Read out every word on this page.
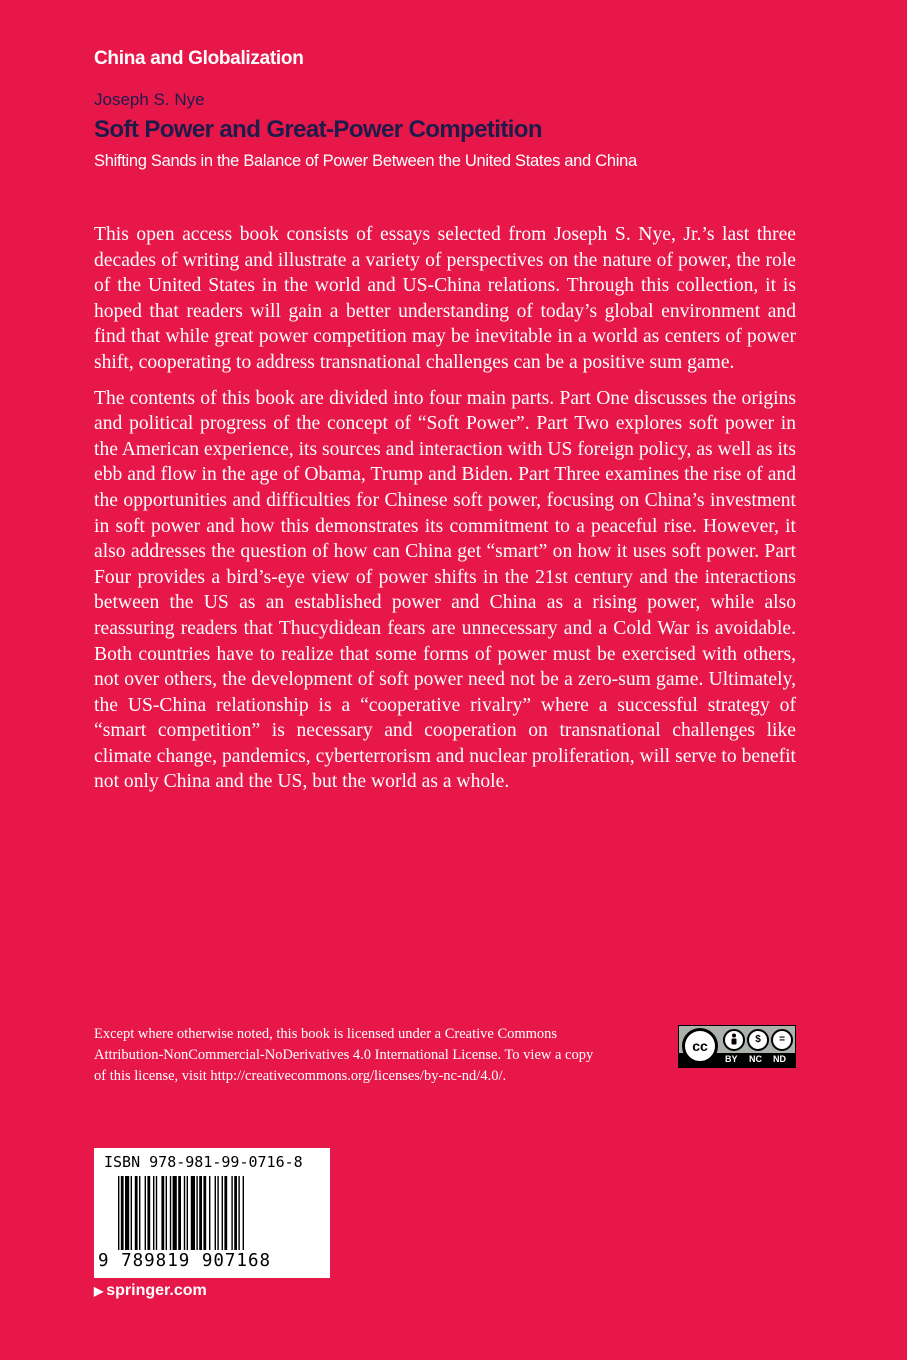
China and Globalization
Joseph S. Nye
Soft Power and Great-Power Competition
Shifting Sands in the Balance of Power Between the United States and China

This open access book consists of essays selected from Joseph S. Nye, Jr.’s last three decades of writing and illustrate a variety of perspectives on the nature of power, the role of the United States in the world and US-China relations. Through this collection, it is hoped that readers will gain a better understanding of today’s global environment and find that while great power competition may be inevitable in a world as centers of power shift, cooperating to address transnational challenges can be a positive sum game.

The contents of this book are divided into four main parts. Part One discusses the origins and political progress of the concept of “Soft Power”. Part Two explores soft power in the American experience, its sources and interaction with US foreign policy, as well as its ebb and flow in the age of Obama, Trump and Biden. Part Three examines the rise of and the opportunities and difficulties for Chinese soft power, focusing on China’s investment in soft power and how this demonstrates its commitment to a peaceful rise. However, it also addresses the question of how can China get “smart” on how it uses soft power. Part Four provides a bird’s-eye view of power shifts in the 21st century and the interactions between the US as an established power and China as a rising power, while also reassuring readers that Thucydidean fears are unnecessary and a Cold War is avoidable. Both countries have to realize that some forms of power must be exercised with others, not over others, the development of soft power need not be a zero-sum game. Ultimately, the US-China relationship is a “cooperative rivalry” where a successful strategy of “smart competition” is necessary and cooperation on transnational challenges like climate change, pandemics, cyberterrorism and nuclear proliferation, will serve to benefit not only China and the US, but the world as a whole.

Except where otherwise noted, this book is licensed under a Creative Commons Attribution-NonCommercial-NoDerivatives 4.0 International License. To view a copy of this license, visit http://creativecommons.org/licenses/by-nc-nd/4.0/.
cc	$	=
BY NC ND
ISBN 978-981-99-0716-8
9 789819 907168
▶ springer.com
